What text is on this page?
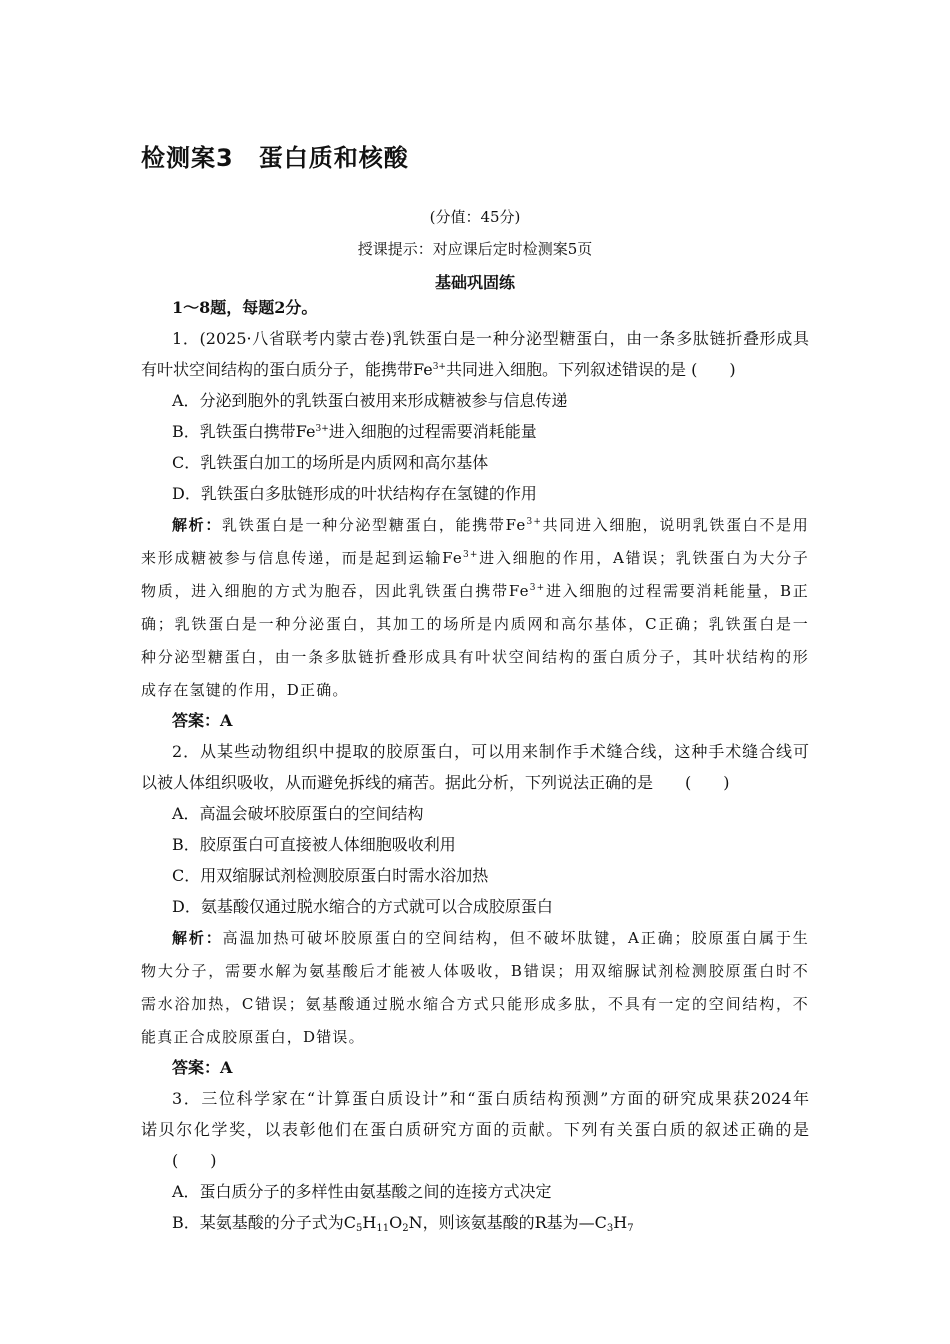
检测案3　蛋白质和核酸
(分值：45分)
授课提示：对应课后定时检测案5页
基础巩固练
1～8题，每题2分。
1．(2025·八省联考内蒙古卷)乳铁蛋白是一种分泌型糖蛋白，由一条多肽链折叠形成具
有叶状空间结构的蛋白质分子，能携带$Fe^{3+}$共同进入细胞。下列叙述错误的是 (　　)
A．分泌到胞外的乳铁蛋白被用来形成糖被参与信息传递
B．乳铁蛋白携带$Fe^{3+}$进入细胞的过程需要消耗能量
C．乳铁蛋白加工的场所是内质网和高尔基体
D．乳铁蛋白多肽链形成的叶状结构存在氢键的作用
解析：乳铁蛋白是一种分泌型糖蛋白，能携带$Fe^{3+}$共同进入细胞，说明乳铁蛋白不是用
来形成糖被参与信息传递，而是起到运输$Fe^{3+}$进入细胞的作用，A错误；乳铁蛋白为大分子
物质，进入细胞的方式为胞吞，因此乳铁蛋白携带$Fe^{3+}$进入细胞的过程需要消耗能量，B正
确；乳铁蛋白是一种分泌蛋白，其加工的场所是内质网和高尔基体，C正确；乳铁蛋白是一
种分泌型糖蛋白，由一条多肽链折叠形成具有叶状空间结构的蛋白质分子，其叶状结构的形
成存在氢键的作用，D正确。
答案：A
2．从某些动物组织中提取的胶原蛋白，可以用来制作手术缝合线，这种手术缝合线可
以被人体组织吸收，从而避免拆线的痛苦。据此分析，下列说法正确的是　　(　　)
A．高温会破坏胶原蛋白的空间结构
B．胶原蛋白可直接被人体细胞吸收利用
C．用双缩脲试剂检测胶原蛋白时需水浴加热
D．氨基酸仅通过脱水缩合的方式就可以合成胶原蛋白
解析：高温加热可破坏胶原蛋白的空间结构，但不破坏肽键，A正确；胶原蛋白属于生
物大分子，需要水解为氨基酸后才能被人体吸收，B错误；用双缩脲试剂检测胶原蛋白时不
需水浴加热，C错误；氨基酸通过脱水缩合方式只能形成多肽，不具有一定的空间结构，不
能真正合成胶原蛋白，D错误。
答案：A
3．三位科学家在“计算蛋白质设计”和“蛋白质结构预测”方面的研究成果获2024年
诺贝尔化学奖，以表彰他们在蛋白质研究方面的贡献。下列有关蛋白质的叙述正确的是
(　　)
A．蛋白质分子的多样性由氨基酸之间的连接方式决定
B．某氨基酸的分子式为$C_5H_{11}O_2N$，则该氨基酸的R基为$—C_3H_7$
